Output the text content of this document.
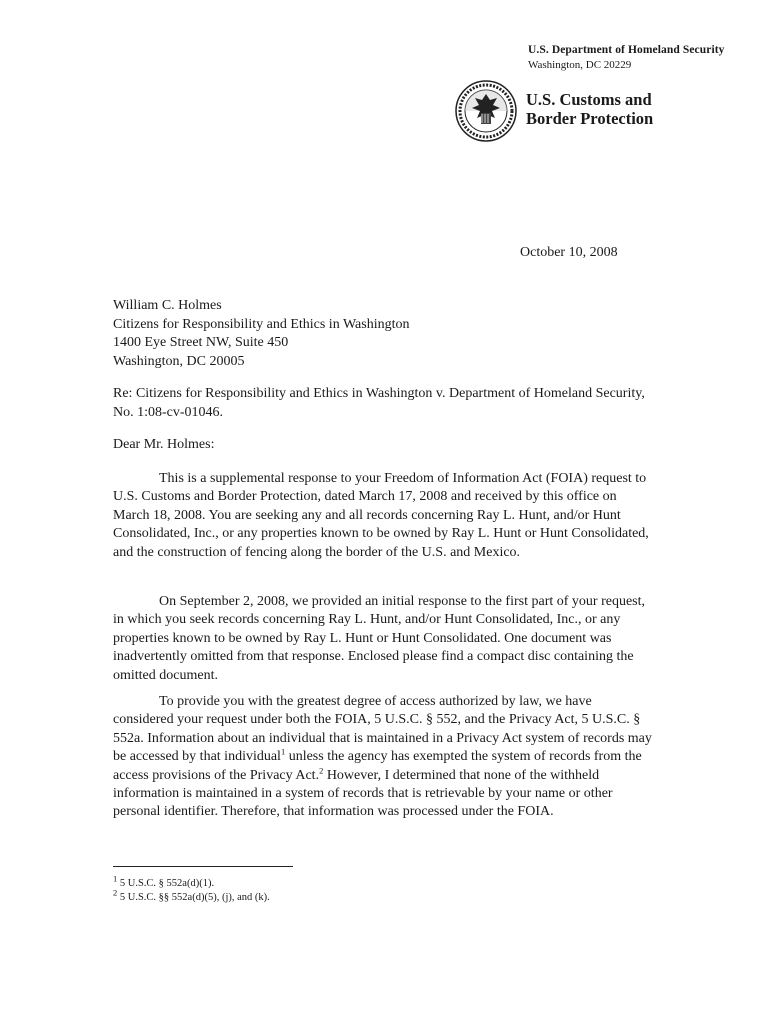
U.S. Department of Homeland Security
Washington, DC 20229
U.S. Customs and
Border Protection
October 10, 2008
William C. Holmes
Citizens for Responsibility and Ethics in Washington
1400 Eye Street NW, Suite 450
Washington, DC 20005
Re: Citizens for Responsibility and Ethics in Washington v. Department of Homeland Security, No. 1:08-cv-01046.
Dear Mr. Holmes:
This is a supplemental response to your Freedom of Information Act (FOIA) request to U.S. Customs and Border Protection, dated March 17, 2008 and received by this office on March 18, 2008. You are seeking any and all records concerning Ray L. Hunt, and/or Hunt Consolidated, Inc., or any properties known to be owned by Ray L. Hunt or Hunt Consolidated, and the construction of fencing along the border of the U.S. and Mexico.
On September 2, 2008, we provided an initial response to the first part of your request, in which you seek records concerning Ray L. Hunt, and/or Hunt Consolidated, Inc., or any properties known to be owned by Ray L. Hunt or Hunt Consolidated. One document was inadvertently omitted from that response. Enclosed please find a compact disc containing the omitted document.
To provide you with the greatest degree of access authorized by law, we have considered your request under both the FOIA, 5 U.S.C. § 552, and the Privacy Act, 5 U.S.C. § 552a. Information about an individual that is maintained in a Privacy Act system of records may be accessed by that individual$^1$ unless the agency has exempted the system of records from the access provisions of the Privacy Act.$^2$ However, I determined that none of the withheld information is maintained in a system of records that is retrievable by your name or other personal identifier. Therefore, that information was processed under the FOIA.
$^1$ 5 U.S.C. § 552a(d)(1).
$^2$ 5 U.S.C. §§ 552a(d)(5), (j), and (k).
